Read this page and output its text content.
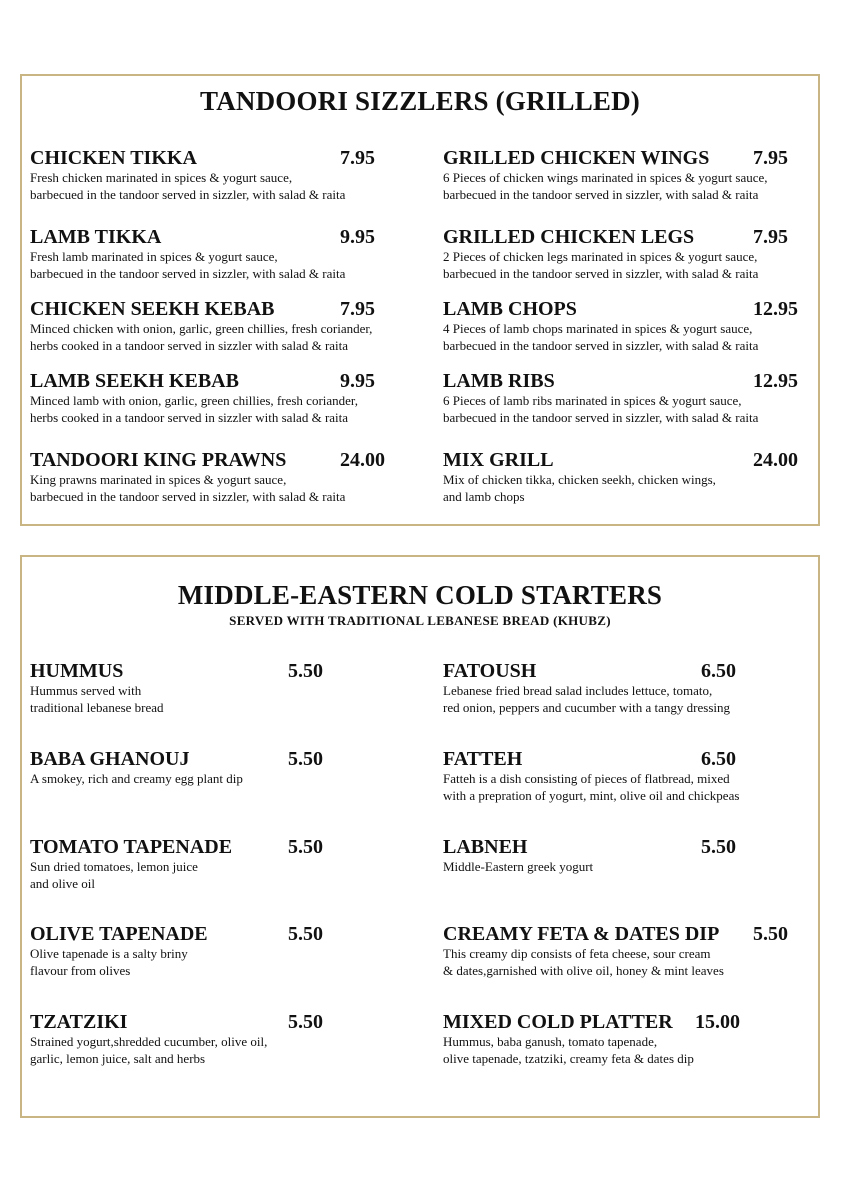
TANDOORI SIZZLERS (GRILLED)
CHICKEN TIKKA	7.95
Fresh chicken marinated in spices & yogurt sauce,
barbecued in the tandoor served in sizzler, with salad & raita
GRILLED CHICKEN WINGS	7.95
6 Pieces of chicken wings marinated in spices & yogurt sauce,
barbecued in the tandoor served in sizzler, with salad & raita
LAMB TIKKA	9.95
Fresh lamb marinated in spices & yogurt sauce,
barbecued in the tandoor served in sizzler, with salad & raita
GRILLED CHICKEN LEGS	7.95
2 Pieces of chicken legs marinated in spices & yogurt sauce,
barbecued in the tandoor served in sizzler, with salad & raita
CHICKEN SEEKH KEBAB	7.95
Minced chicken with onion, garlic, green chillies, fresh coriander,
herbs cooked in a tandoor served in sizzler with salad & raita
LAMB CHOPS	12.95
4 Pieces of lamb chops marinated in spices & yogurt sauce,
barbecued in the tandoor served in sizzler, with salad & raita
LAMB SEEKH KEBAB	9.95
Minced lamb with onion, garlic, green chillies, fresh coriander,
herbs cooked in a tandoor served in sizzler with salad & raita
LAMB RIBS	12.95
6 Pieces of lamb ribs marinated in spices & yogurt sauce,
barbecued in the tandoor served in sizzler, with salad & raita
TANDOORI KING PRAWNS	24.00
King prawns marinated in spices & yogurt sauce,
barbecued in the tandoor served in sizzler, with salad & raita
MIX GRILL	24.00
Mix of chicken tikka, chicken seekh, chicken wings,
and lamb chops
MIDDLE-EASTERN COLD STARTERS
SERVED WITH TRADITIONAL LEBANESE BREAD (KHUBZ)
HUMMUS	5.50
Hummus served with
traditional lebanese bread
FATOUSH	6.50
Lebanese fried bread salad includes lettuce, tomato,
red onion, peppers and cucumber with a tangy dressing
BABA GHANOUJ	5.50
A smokey, rich and creamy egg plant dip
FATTEH	6.50
Fatteh is a dish consisting of pieces of flatbread, mixed
with a prepration of yogurt, mint, olive oil and chickpeas
TOMATO TAPENADE	5.50
Sun dried tomatoes, lemon juice
and olive oil
LABNEH	5.50
Middle-Eastern greek yogurt
OLIVE TAPENADE	5.50
Olive tapenade is a salty briny
flavour from olives
CREAMY FETA & DATES DIP	5.50
This creamy dip consists of feta cheese, sour cream
& dates,garnished with olive oil, honey & mint leaves
TZATZIKI	5.50
Strained yogurt,shredded cucumber, olive oil,
garlic, lemon juice, salt and herbs
MIXED COLD PLATTER	15.00
Hummus, baba ganush, tomato tapenade,
olive tapenade, tzatziki, creamy feta & dates dip
